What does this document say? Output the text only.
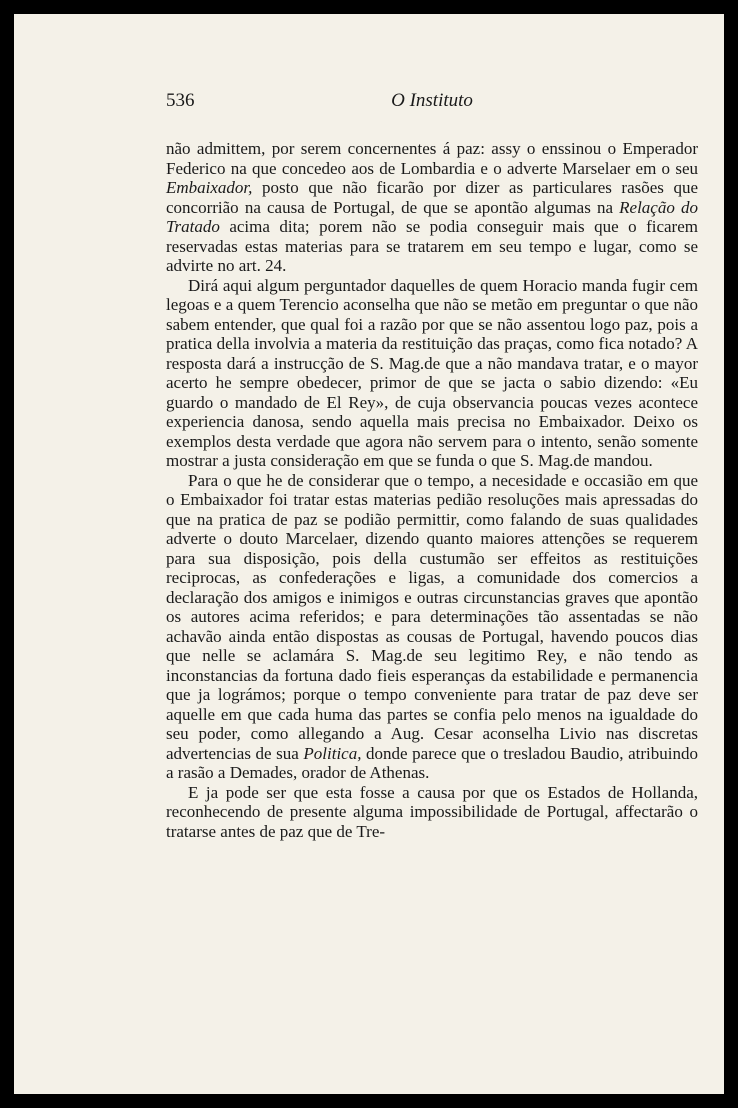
536	O Instituto

não admittem, por serem concernentes á paz: assy o enssinou o Emperador Federico na que concedeo aos de Lombardia e o adverte Marselaer em o seu Embaixador, posto que não ficarão por dizer as particulares rasões que concorrião na causa de Portugal, de que se apontão algumas na Relação do Tratado acima dita; porem não se podia conseguir mais que o ficarem reservadas estas materias para se tratarem em seu tempo e lugar, como se advirte no art. 24.

Dirá aqui algum perguntador daquelles de quem Horacio manda fugir cem legoas e a quem Terencio aconselha que não se metão em preguntar o que não sabem entender, que qual foi a razão por que se não assentou logo paz, pois a pratica della involvia a materia da restituição das praças, como fica notado? A resposta dará a instrucção de S. Mag.de que a não mandava tratar, e o mayor acerto he sempre obedecer, primor de que se jacta o sabio dizendo: «Eu guardo o mandado de El Rey», de cuja observancia poucas vezes acontece experiencia danosa, sendo aquella mais precisa no Embaixador. Deixo os exemplos desta verdade que agora não servem para o intento, senão somente mostrar a justa consideração em que se funda o que S. Mag.de mandou.

Para o que he de considerar que o tempo, a necesidade e occasião em que o Embaixador foi tratar estas materias pedião resoluções mais apressadas do que na pratica de paz se podião permittir, como falando de suas qualidades adverte o douto Marcelaer, dizendo quanto maiores attenções se requerem para sua disposição, pois della custumão ser effeitos as restituições reciprocas, as confederações e ligas, a comunidade dos comercios a declaração dos amigos e inimigos e outras circunstancias graves que apontão os autores acima referidos; e para determinações tão assentadas se não achavão ainda então dispostas as cousas de Portugal, havendo poucos dias que nelle se aclamára S. Mag.de seu legitimo Rey, e não tendo as inconstancias da fortuna dado fieis esperanças da estabilidade e permanencia que ja lográmos; porque o tempo conveniente para tratar de paz deve ser aquelle em que cada huma das partes se confia pelo menos na igualdade do seu poder, como allegando a Aug. Cesar aconselha Livio nas discretas advertencias de sua Politica, donde parece que o tresladou Baudio, atribuindo a rasão a Demades, orador de Athenas.

E ja pode ser que esta fosse a causa por que os Estados de Hollanda, reconhecendo de presente alguma impossibilidade de Portugal, affectarão o tratarse antes de paz que de Tre-
